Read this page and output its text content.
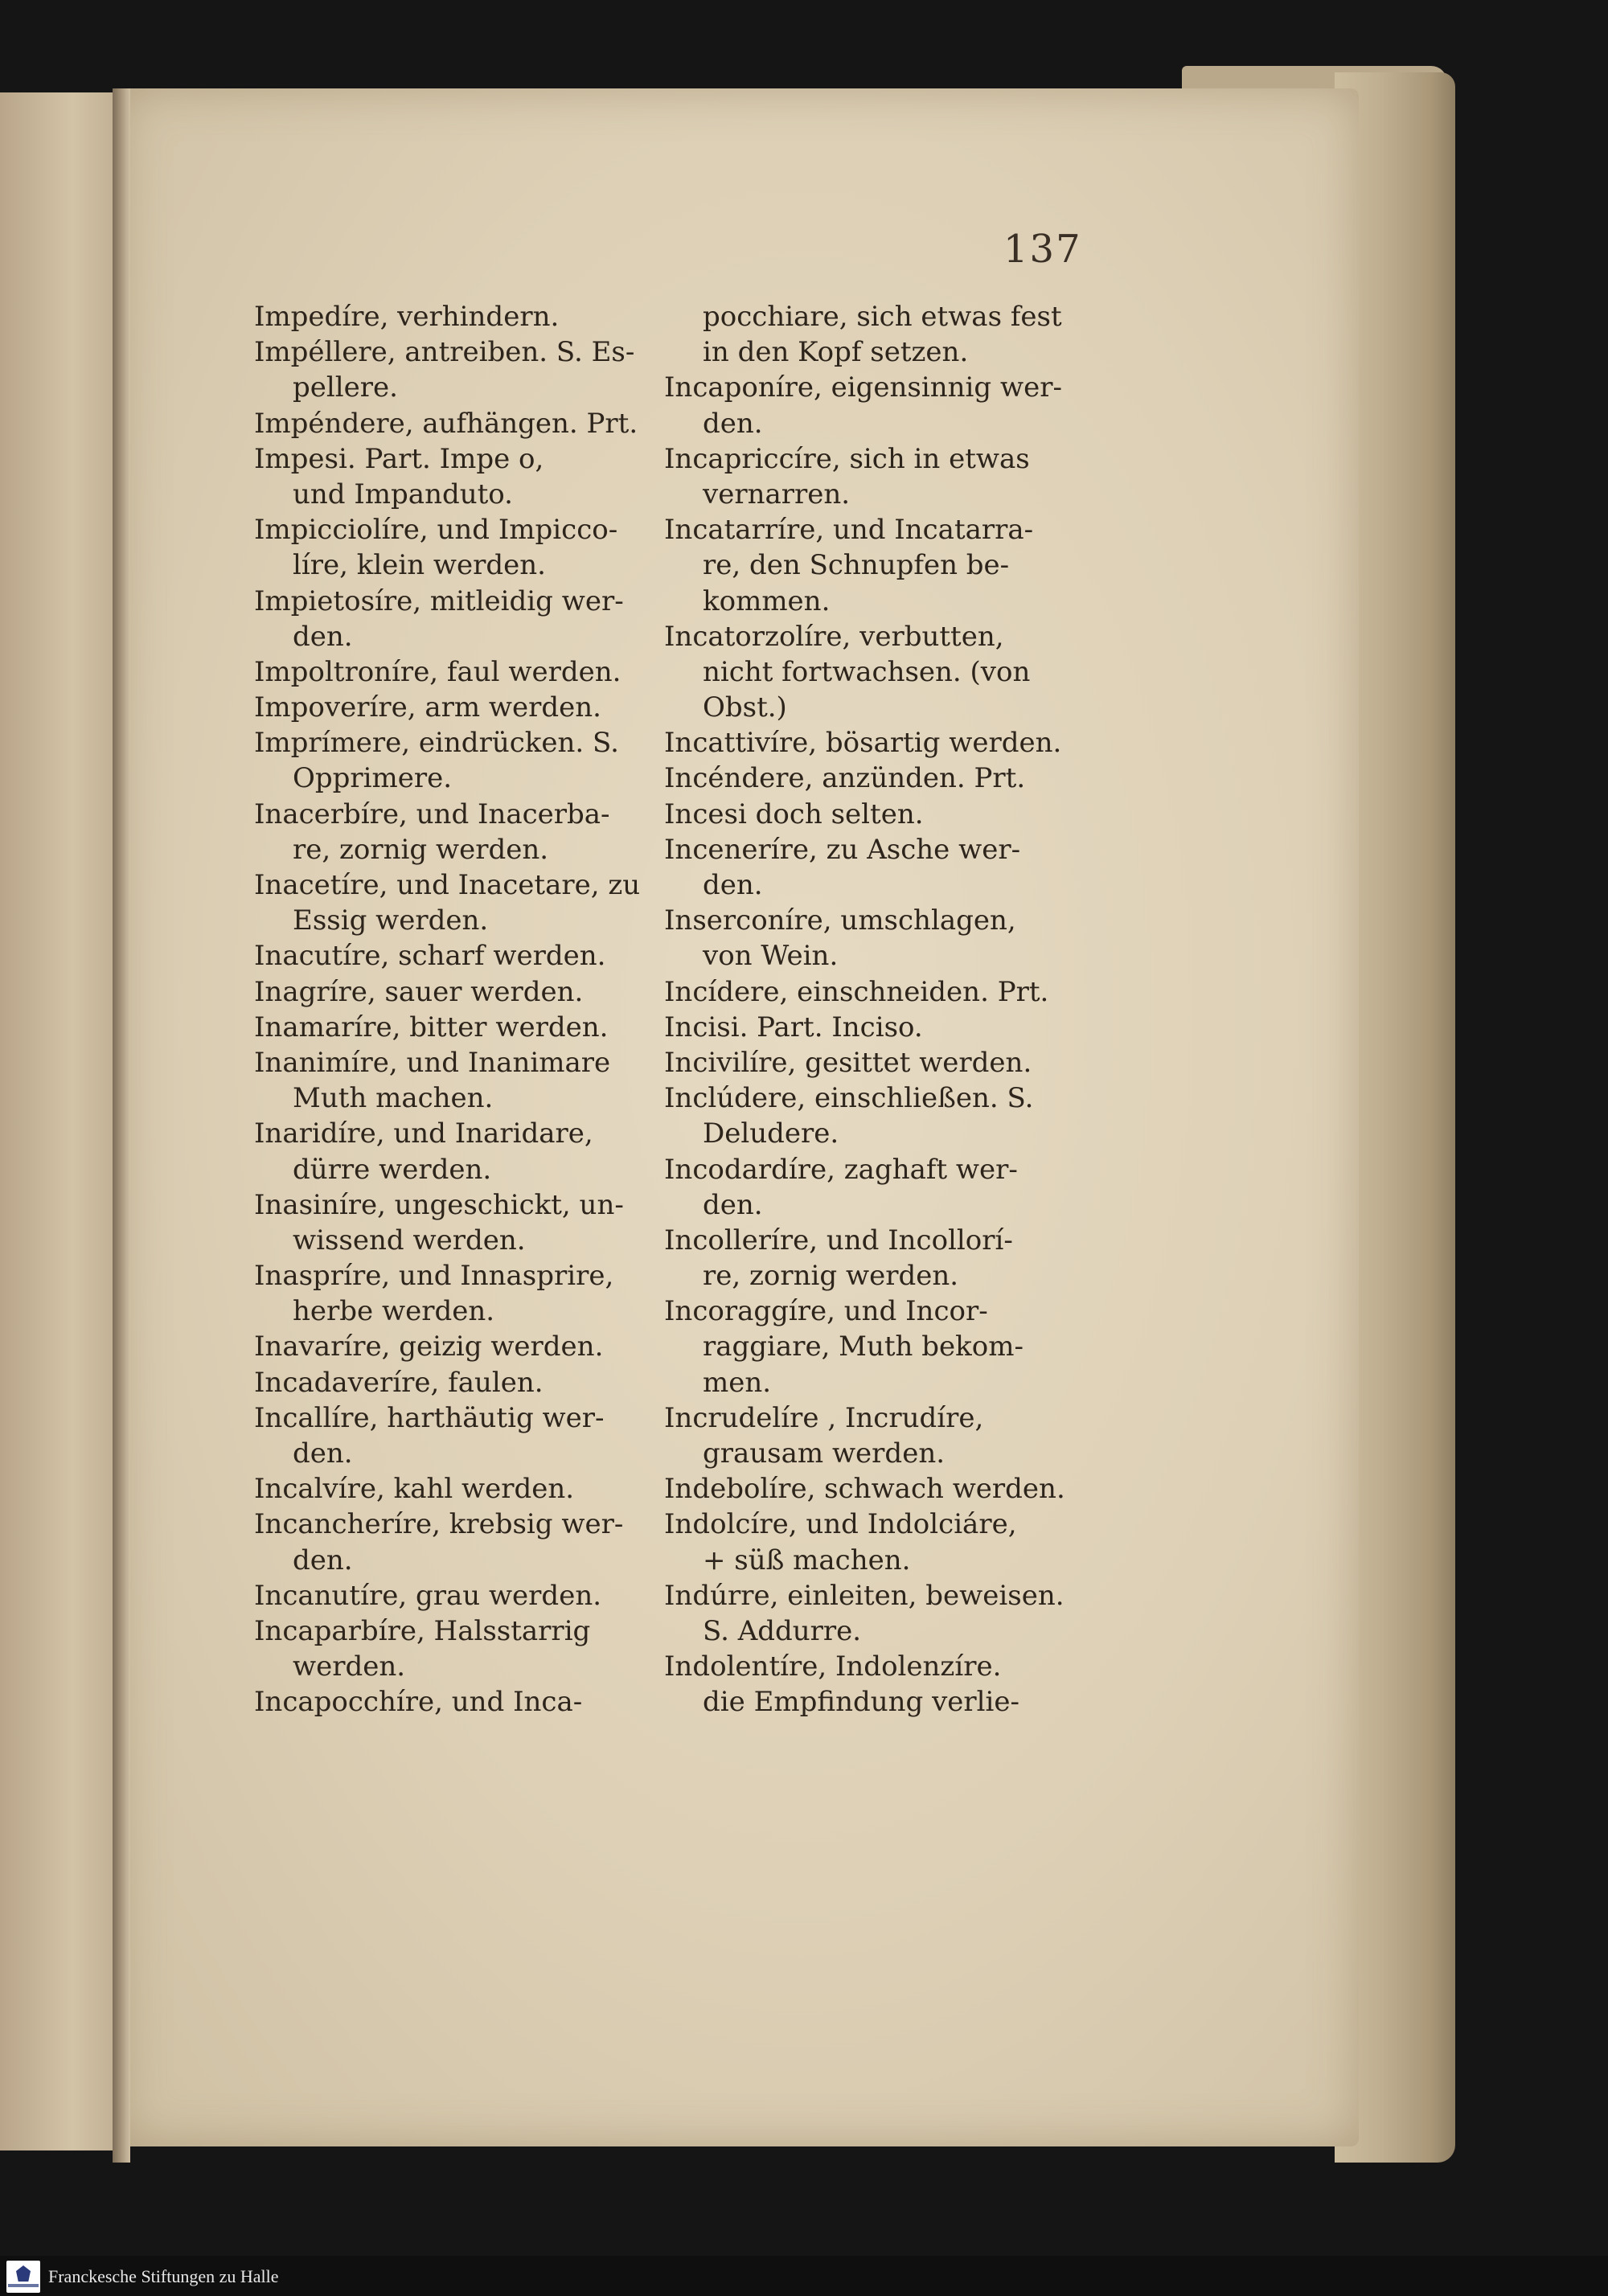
137
Impedíre, verhindern.
Impéllere, antreiben. S. Es-
pellere.
Impéndere, aufhängen. Prt.
Impesi. Part. Impe o,
und Impanduto.
Impicciolíre, und Impicco-
líre, klein werden.
Impietosíre, mitleidig wer-
den.
Impoltroníre, faul werden.
Impoveríre, arm werden.
Imprímere, eindrücken. S.
Opprimere.
Inacerbíre, und Inacerba-
re, zornig werden.
Inacetíre, und Inacetare, zu
Essig werden.
Inacutíre, scharf werden.
Inagríre, sauer werden.
Inamaríre, bitter werden.
Inanimíre, und Inanimare
Muth machen.
Inaridíre, und Inaridare,
dürre werden.
Inasiníre, ungeschickt, un-
wissend werden.
Inaspríre, und Innasprire,
herbe werden.
Inavaríre, geizig werden.
Incadaveríre, faulen.
Incallíre, harthäutig wer-
den.
Incalvíre, kahl werden.
Incancheríre, krebsig wer-
den.
Incanutíre, grau werden.
Incaparbíre, Halsstarrig
werden.
Incapocchíre, und Inca-
pocchiare, sich etwas fest
in den Kopf setzen.
Incaponíre, eigensinnig wer-
den.
Incapriccíre, sich in etwas
vernarren.
Incatarríre, und Incatarra-
re, den Schnupfen be-
kommen.
Incatorzolíre, verbutten,
nicht fortwachsen. (von
Obst.)
Incattivíre, bösartig werden.
Incéndere, anzünden. Prt.
Incesi doch selten.
Inceneríre, zu Asche wer-
den.
Inserconíre, umschlagen,
von Wein.
Incídere, einschneiden. Prt.
Incisi. Part. Inciso.
Incivilíre, gesittet werden.
Inclúdere, einschließen. S.
Deludere.
Incodardíre, zaghaft wer-
den.
Incolleríre, und Incollorí-
re, zornig werden.
Incoraggíre, und Incor-
raggiare, Muth bekom-
men.
Incrudelíre , Incrudíre,
grausam werden.
Indebolíre, schwach werden.
Indolcíre, und Indolciáre,
+ süß machen.
Indúrre, einleiten, beweisen.
S. Addurre.
Indolentíre, Indolenzíre.
die Empfindung verlie-
Franckesche Stiftungen zu Halle
